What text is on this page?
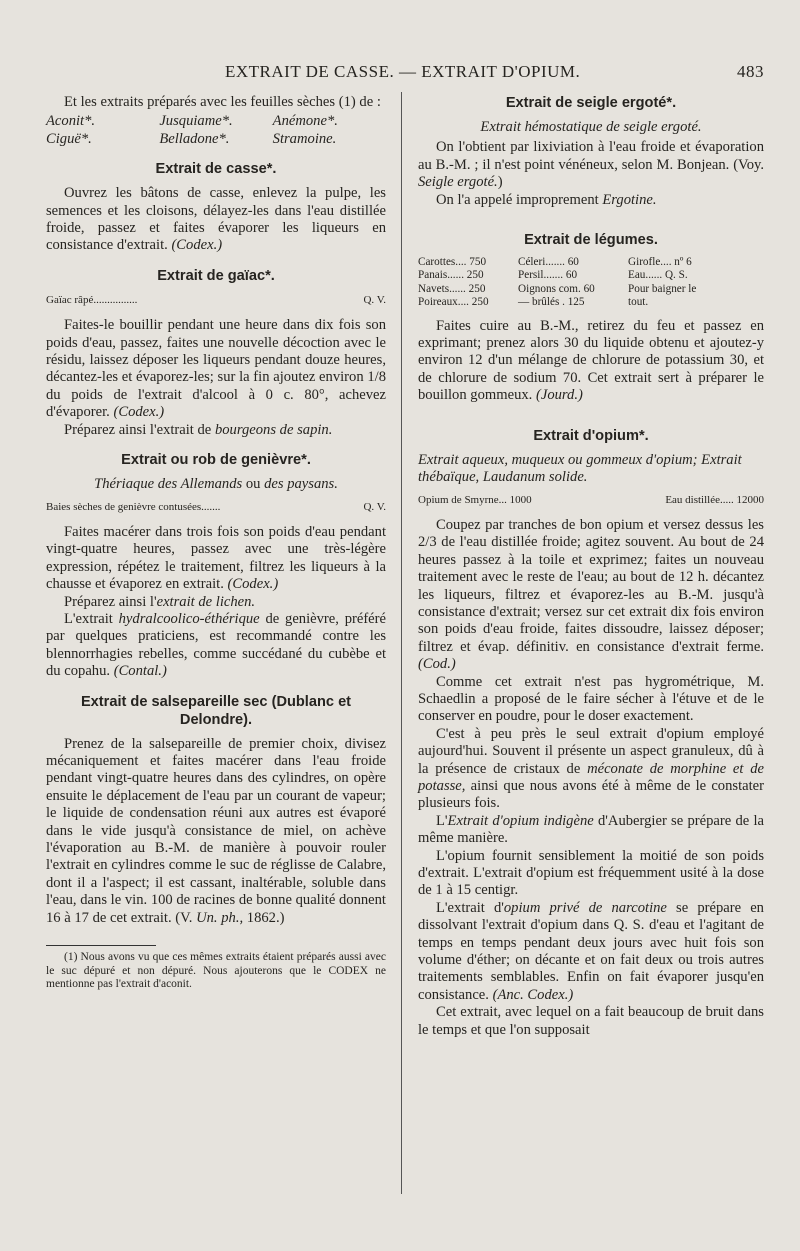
EXTRAIT DE CASSE. — EXTRAIT D'OPIUM.	483

Et les extraits préparés avec les feuilles sèches (1) de :

Aconit*.	Jusquiame*.	Anémone*.
Ciguë*.	Belladone*.	Stramoine.
Extrait de casse*.

Ouvrez les bâtons de casse, enlevez la pulpe, les semences et les cloisons, délayez-les dans l'eau distillée froide, passez et faites évaporer les liqueurs en consistance d'extrait. (Codex.)

Extrait de gaïac*.
Gaïac râpé................	Q. V.

Faites-le bouillir pendant une heure dans dix fois son poids d'eau, passez, faites une nouvelle décoction avec le résidu, laissez déposer les liqueurs pendant douze heures, décantez-les et évaporez-les; sur la fin ajoutez environ 1/8 du poids de l'extrait d'alcool à 0 c. 80°, achevez d'évaporer. (Codex.)

Préparez ainsi l'extrait de bourgeons de sapin.

Extrait ou rob de genièvre*.
Thériaque des Allemands ou des paysans.
Baies sèches de genièvre contusées.......	Q. V.

Faites macérer dans trois fois son poids d'eau pendant vingt-quatre heures, passez avec une très-légère expression, répétez le traitement, filtrez les liqueurs à la chausse et évaporez en extrait. (Codex.)

Préparez ainsi l'extrait de lichen.

L'extrait hydralcoolico-éthérique de genièvre, préféré par quelques praticiens, est recommandé contre les blennorrhagies rebelles, comme succédané du cubèbe et du copahu. (Contal.)

Extrait de salsepareille sec (Dublanc et Delondre).

Prenez de la salsepareille de premier choix, divisez mécaniquement et faites macérer dans l'eau froide pendant vingt-quatre heures dans des cylindres, on opère ensuite le déplacement de l'eau par un courant de vapeur; le liquide de condensation réuni aux autres est évaporé dans le vide jusqu'à consistance de miel, on achève l'évaporation au B.-M. de manière à pouvoir rouler l'extrait en cylindres comme le suc de réglisse de Calabre, dont il a l'aspect; il est cassant, inaltérable, soluble dans l'eau, dans le vin. 100 de racines de bonne qualité donnent 16 à 17 de cet extrait. (V. Un. ph., 1862.)

(1) Nous avons vu que ces mêmes extraits étaient préparés aussi avec le suc dépuré et non dépuré. Nous ajouterons que le CODEX ne mentionne pas l'extrait d'aconit.

Extrait de seigle ergoté*.
Extrait hémostatique de seigle ergoté.

On l'obtient par lixiviation à l'eau froide et évaporation au B.-M. ; il n'est point vénéneux, selon M. Bonjean. (Voy. Seigle ergoté.)

On l'a appelé improprement Ergotine.

Extrait de légumes.
Carottes.... 750	Céleri....... 60	Girofle.... nº 6
Panais...... 250	Persil....... 60	Eau...... Q. S.
Navets...... 250	Oignons com. 60	Pour baigner le
Poireaux.... 250	— brûlés . 125	tout.

Faites cuire au B.-M., retirez du feu et passez en exprimant; prenez alors 30 du liquide obtenu et ajoutez-y environ 12 d'un mélange de chlorure de potassium 30, et de chlorure de sodium 70. Cet extrait sert à préparer le bouillon gommeux. (Jourd.)

Extrait d'opium*.
Extrait aqueux, muqueux ou gommeux d'opium; Extrait thébaïque, Laudanum solide.
Opium de Smyrne... 1000	Eau distillée..... 12000

Coupez par tranches de bon opium et versez dessus les 2/3 de l'eau distillée froide; agitez souvent. Au bout de 24 heures passez à la toile et exprimez; faites un nouveau traitement avec le reste de l'eau; au bout de 12 h. décantez les liqueurs, filtrez et évaporez-les au B.-M. jusqu'à consistance d'extrait; versez sur cet extrait dix fois environ son poids d'eau froide, faites dissoudre, laissez déposer; filtrez et évap. définitiv. en consistance d'extrait ferme. (Cod.)

Comme cet extrait n'est pas hygrométrique, M. Schaedlin a proposé de le faire sécher à l'étuve et de le conserver en poudre, pour le doser exactement.

C'est à peu près le seul extrait d'opium employé aujourd'hui. Souvent il présente un aspect granuleux, dû à la présence de cristaux de méconate de morphine et de potasse, ainsi que nous avons été à même de le constater plusieurs fois.

L'Extrait d'opium indigène d'Aubergier se prépare de la même manière.

L'opium fournit sensiblement la moitié de son poids d'extrait. L'extrait d'opium est fréquemment usité à la dose de 1 à 15 centigr.

L'extrait d'opium privé de narcotine se prépare en dissolvant l'extrait d'opium dans Q. S. d'eau et l'agitant de temps en temps pendant deux jours avec huit fois son volume d'éther; on décante et on fait deux ou trois autres traitements semblables. Enfin on fait évaporer jusqu'en consistance. (Anc. Codex.)

Cet extrait, avec lequel on a fait beaucoup de bruit dans le temps et que l'on supposait
